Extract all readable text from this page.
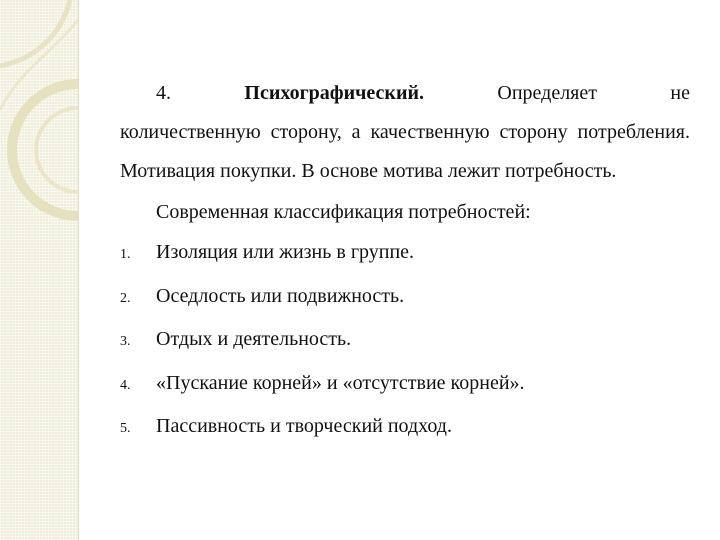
4.	Психографический.	Определяет	не

количественную сторону, а качественную сторону потребления. Мотивация покупки. В основе мотива лежит потребность.

Современная классификация потребностей:
1.	Изоляция или жизнь в группе.
2.	Оседлость или подвижность.
3.	Отдых и деятельность.
4.	«Пускание корней» и «отсутствие корней».
5.	Пассивность и творческий подход.
